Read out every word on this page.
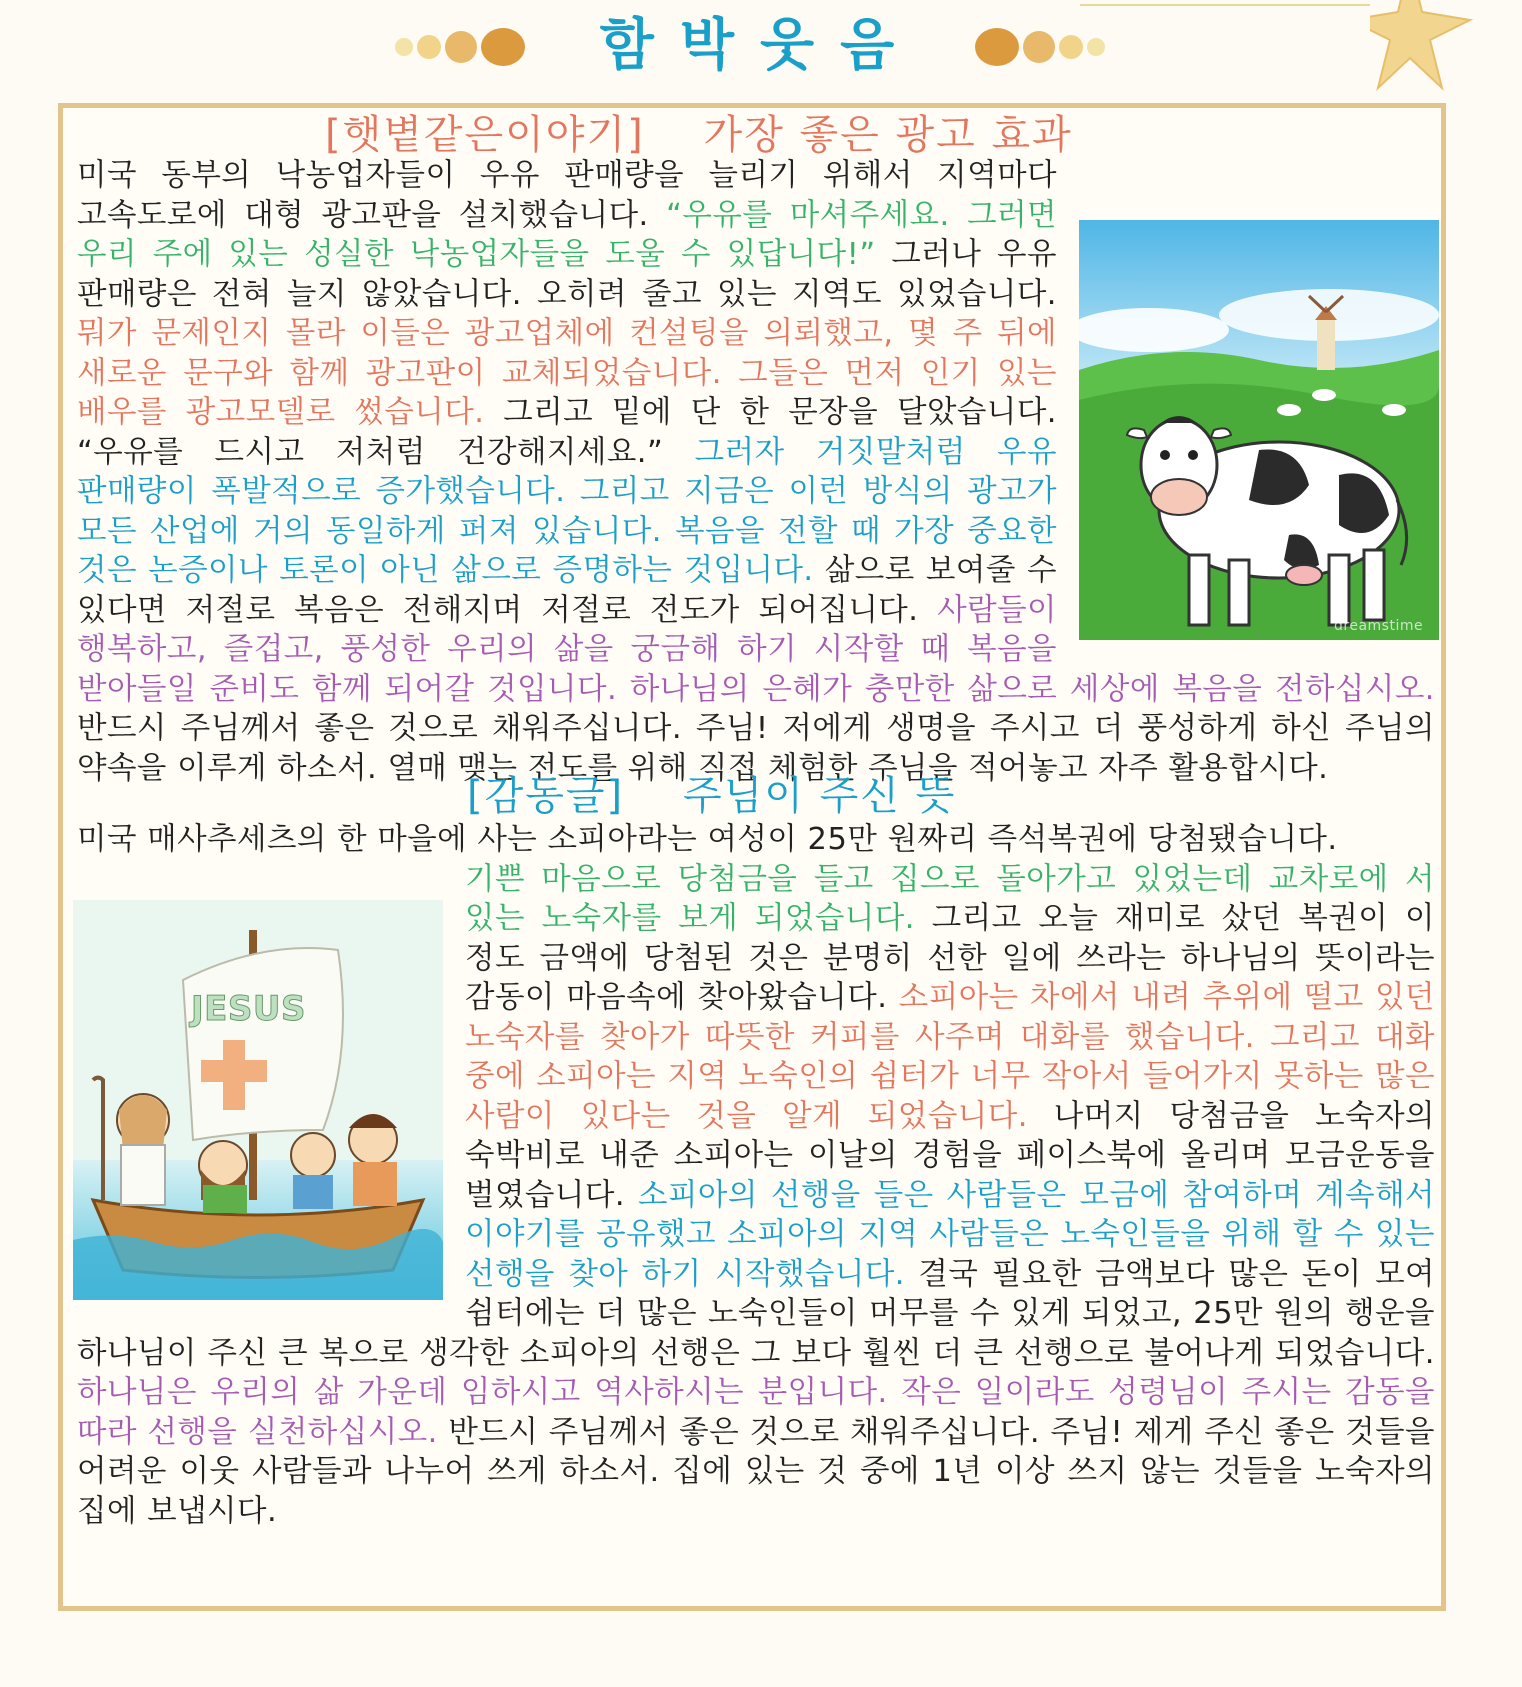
함박웃음
[햇볕같은이야기]    가장 좋은 광고 효과
dreamstime
미국 동부의 낙농업자들이 우유 판매량을 늘리기 위해서 지역마다 고속도로에 대형 광고판을 설치했습니다. “우유를 마셔주세요. 그러면 우리 주에 있는 성실한 낙농업자들을 도울 수 있답니다!” 그러나 우유 판매량은 전혀 늘지 않았습니다. 오히려 줄고 있는 지역도 있었습니다. 뭐가 문제인지 몰라 이들은 광고업체에 컨설팅을 의뢰했고, 몇 주 뒤에 새로운 문구와 함께 광고판이 교체되었습니다. 그들은 먼저 인기 있는 배우를 광고모델로 썼습니다. 그리고 밑에 단 한 문장을 달았습니다. “우유를 드시고 저처럼 건강해지세요.” 그러자 거짓말처럼 우유 판매량이 폭발적으로 증가했습니다. 그리고 지금은 이런 방식의 광고가 모든 산업에 거의 동일하게 퍼져 있습니다. 복음을 전할 때 가장 중요한 것은 논증이나 토론이 아닌 삶으로 증명하는 것입니다. 삶으로 보여줄 수 있다면 저절로 복음은 전해지며 저절로 전도가 되어집니다. 사람들이 행복하고, 즐겁고, 풍성한 우리의 삶을 궁금해 하기 시작할 때 복음을 받아들일 준비도 함께 되어갈 것입니다. 하나님의 은혜가 충만한 삶으로 세상에 복음을 전하십시오. 반드시 주님께서 좋은 것으로 채워주십니다. 주님! 저에게 생명을 주시고 더 풍성하게 하신 주님의 약속을 이루게 하소서. 열매 맺는 전도를 위해 직접 체험한 주님을 적어놓고 자주 활용합시다.
[감동글]    주님이 주신 뜻
미국 매사추세츠의 한 마을에 사는 소피아라는 여성이 25만 원짜리 즉석복권에 당첨됐습니다.
JESUS
기쁜 마음으로 당첨금을 들고 집으로 돌아가고 있었는데 교차로에 서 있는 노숙자를 보게 되었습니다. 그리고 오늘 재미로 샀던 복권이 이 정도 금액에 당첨된 것은 분명히 선한 일에 쓰라는 하나님의 뜻이라는 감동이 마음속에 찾아왔습니다. 소피아는 차에서 내려 추위에 떨고 있던 노숙자를 찾아가 따뜻한 커피를 사주며 대화를 했습니다. 그리고 대화 중에 소피아는 지역 노숙인의 쉼터가 너무 작아서 들어가지 못하는 많은 사람이 있다는 것을 알게 되었습니다. 나머지 당첨금을 노숙자의 숙박비로 내준 소피아는 이날의 경험을 페이스북에 올리며 모금운동을 벌였습니다. 소피아의 선행을 들은 사람들은 모금에 참여하며 계속해서 이야기를 공유했고 소피아의 지역 사람들은 노숙인들을 위해 할 수 있는 선행을 찾아 하기 시작했습니다. 결국 필요한 금액보다 많은 돈이 모여 쉼터에는 더 많은 노숙인들이 머무를 수 있게 되었고, 25만 원의 행운을 하나님이 주신 큰 복으로 생각한 소피아의 선행은 그 보다 훨씬 더 큰 선행으로 불어나게 되었습니다. 하나님은 우리의 삶 가운데 임하시고 역사하시는 분입니다. 작은 일이라도 성령님이 주시는 감동을 따라 선행을 실천하십시오. 반드시 주님께서 좋은 것으로 채워주십니다. 주님! 제게 주신 좋은 것들을 어려운 이웃 사람들과 나누어 쓰게 하소서. 집에 있는 것 중에 1년 이상 쓰지 않는 것들을 노숙자의 집에 보냅시다.
